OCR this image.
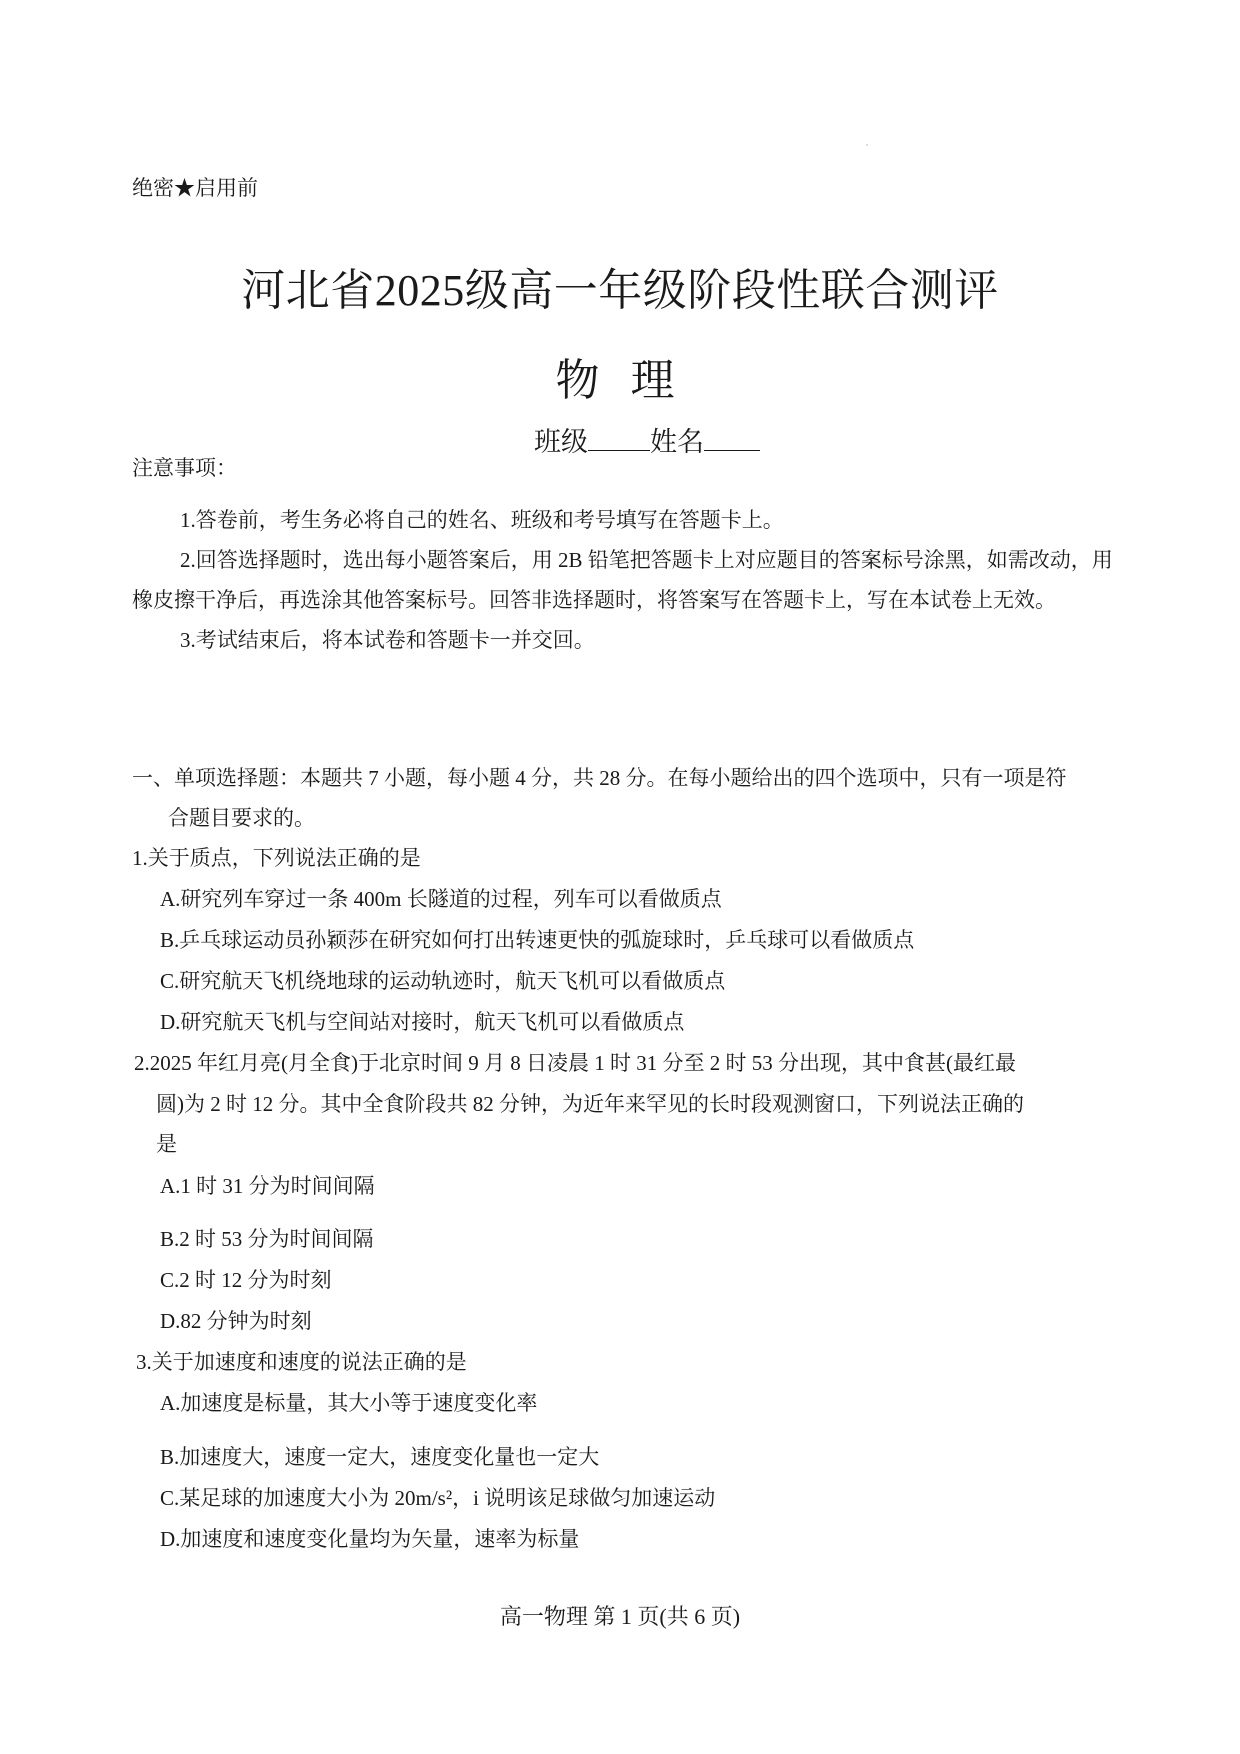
绝密★启用前
河北省2025级高一年级阶段性联合测评
物 理
班级 姓名
注意事项：

1.答卷前，考生务必将自己的姓名、班级和考号填写在答题卡上。

2.回答选择题时，选出每小题答案后，用 2B 铅笔把答题卡上对应题目的答案标号涂黑，如需改动，用橡皮擦干净后，再选涂其他答案标号。回答非选择题时，将答案写在答题卡上，写在本试卷上无效。

3.考试结束后，将本试卷和答题卡一并交回。

一、单项选择题：本题共 7 小题，每小题 4 分，共 28 分。在每小题给出的四个选项中，只有一项是符
合题目要求的。
1.关于质点，下列说法正确的是
A.研究列车穿过一条 400m 长隧道的过程，列车可以看做质点
B.乒乓球运动员孙颖莎在研究如何打出转速更快的弧旋球时，乒乓球可以看做质点
C.研究航天飞机绕地球的运动轨迹时，航天飞机可以看做质点
D.研究航天飞机与空间站对接时，航天飞机可以看做质点
2.2025 年红月亮(月全食)于北京时间 9 月 8 日凌晨 1 时 31 分至 2 时 53 分出现，其中食甚(最红最
圆)为 2 时 12 分。其中全食阶段共 82 分钟，为近年来罕见的长时段观测窗口，下列说法正确的
是
A.1 时 31 分为时间间隔
B.2 时 53 分为时间间隔
C.2 时 12 分为时刻
D.82 分钟为时刻
3.关于加速度和速度的说法正确的是
A.加速度是标量，其大小等于速度变化率
B.加速度大，速度一定大，速度变化量也一定大
C.某足球的加速度大小为 20m/s²，i 说明该足球做匀加速运动
D.加速度和速度变化量均为矢量，速率为标量
高一物理 第 1 页(共 6 页)
